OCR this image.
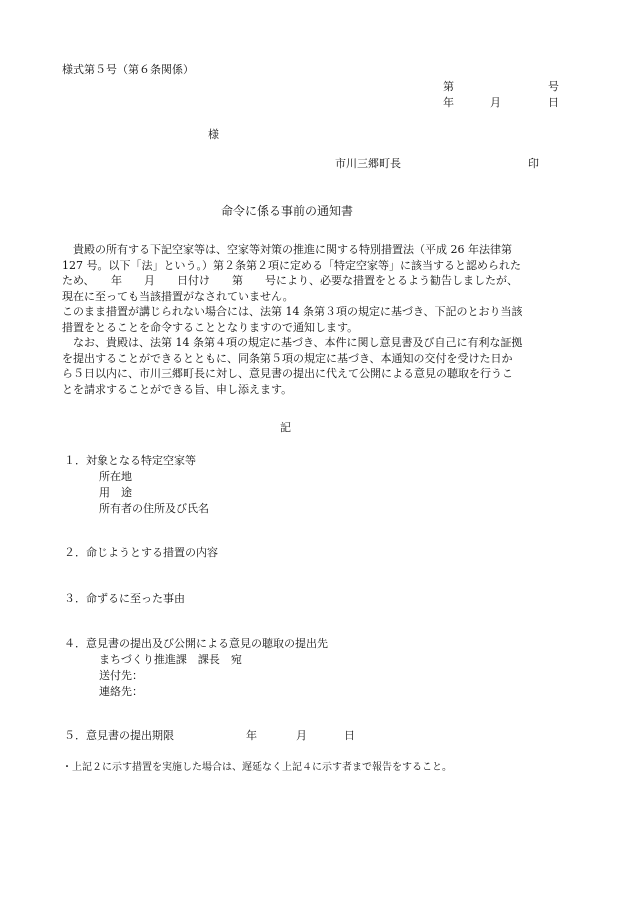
様式第５号（第６条関係）
第	号
年	月	日
様
市川三郷町長	印
命令に係る事前の通知書
　貴殿の所有する下記空家等は、空家等対策の推進に関する特別措置法（平成 26 年法律第
127 号。以下「法」という。）第２条第２項に定める「特定空家等」に該当すると認められた
ため、　　年　　月　　日付け　　第　　号により、必要な措置をとるよう勧告しましたが、
現在に至っても当該措置がなされていません。
このまま措置が講じられない場合には、法第 14 条第３項の規定に基づき、下記のとおり当該
措置をとることを命令することとなりますので通知します。
　なお、貴殿は、法第 14 条第４項の規定に基づき、本件に関し意見書及び自己に有利な証拠
を提出することができるとともに、同条第５項の規定に基づき、本通知の交付を受けた日か
ら５日以内に、市川三郷町長に対し、意見書の提出に代えて公開による意見の聴取を行うこ
とを請求することができる旨、申し添えます。
記
１．対象となる特定空家等
所在地
用　途
所有者の住所及び氏名
２．命じようとする措置の内容
３．命ずるに至った事由
４．意見書の提出及び公開による意見の聴取の提出先
まちづくり推進課　課長　宛
送付先：
連絡先：
５．意見書の提出期限	年	月	日
・上記２に示す措置を実施した場合は、遅延なく上記４に示す者まで報告をすること。
